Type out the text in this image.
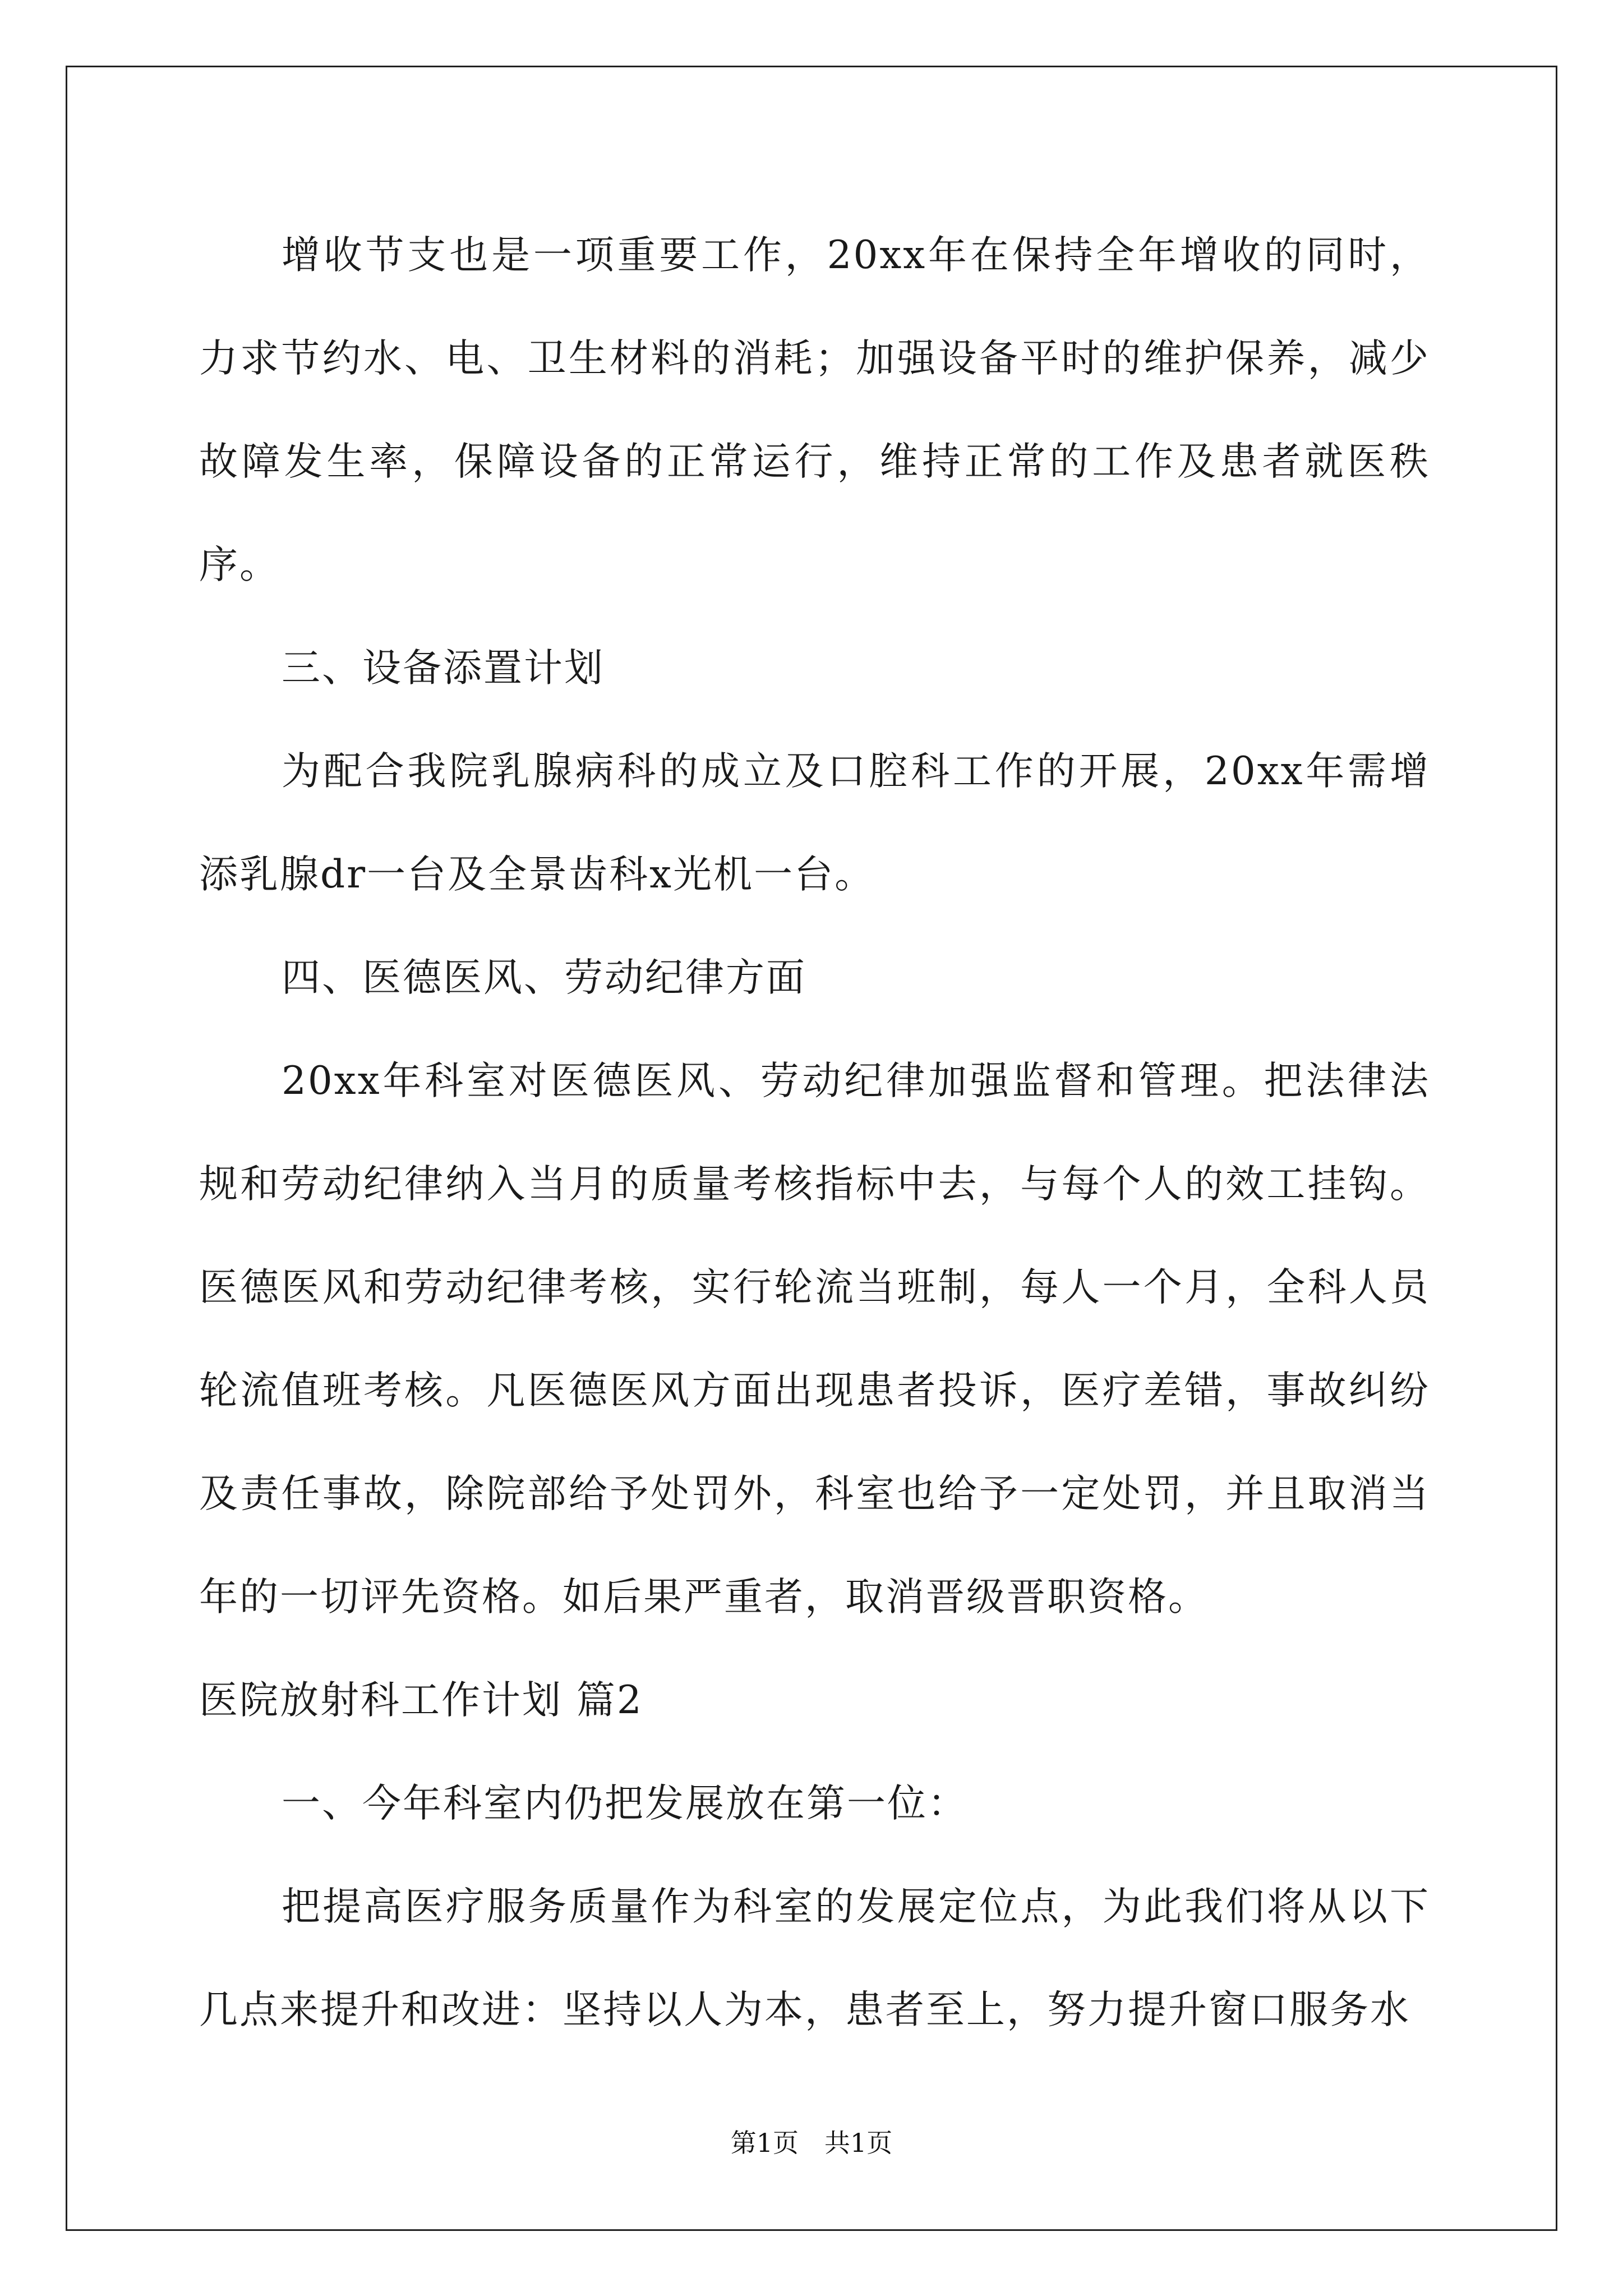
增收节支也是一项重要工作，20xx年在保持全年增收的同时，力求节约水、电、卫生材料的消耗；加强设备平时的维护保养，减少故障发生率，保障设备的正常运行，维持正常的工作及患者就医秩序。

三、设备添置计划

为配合我院乳腺病科的成立及口腔科工作的开展，20xx年需增添乳腺dr一台及全景齿科x光机一台。

四、医德医风、劳动纪律方面

20xx年科室对医德医风、劳动纪律加强监督和管理。把法律法规和劳动纪律纳入当月的质量考核指标中去，与每个人的效工挂钩。医德医风和劳动纪律考核，实行轮流当班制，每人一个月，全科人员轮流值班考核。凡医德医风方面出现患者投诉，医疗差错，事故纠纷及责任事故，除院部给予处罚外，科室也给予一定处罚，并且取消当年的一切评先资格。如后果严重者，取消晋级晋职资格。

医院放射科工作计划 篇2

一、今年科室内仍把发展放在第一位：

把提高医疗服务质量作为科室的发展定位点，为此我们将从以下几点来提升和改进：坚持以人为本，患者至上，努力提升窗口服务水

第1页　共1页
